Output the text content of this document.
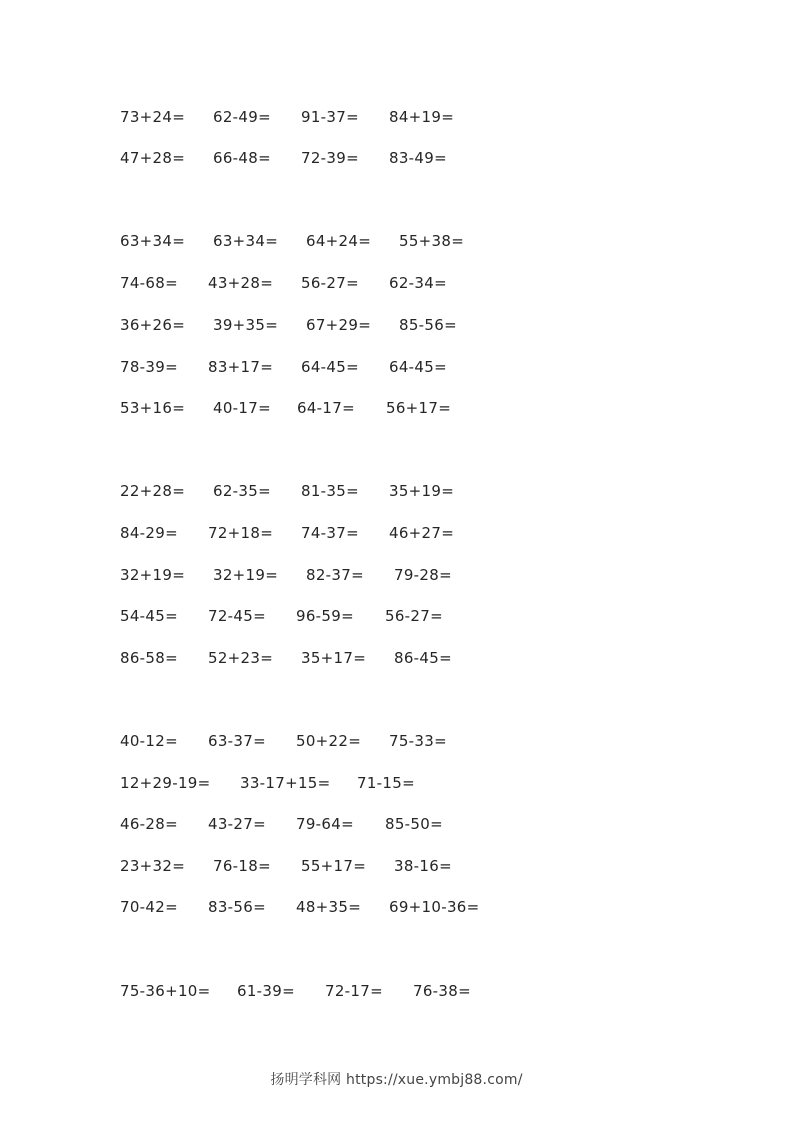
73+24= 62-49= 91-37= 84+19=
47+28= 66-48= 72-39= 83-49=
63+34= 63+34= 64+24= 55+38=
74-68= 43+28= 56-27= 62-34=
36+26= 39+35= 67+29= 85-56=
78-39= 83+17= 64-45= 64-45=
53+16= 40-17= 64-17= 56+17=
22+28= 62-35= 81-35= 35+19=
84-29= 72+18= 74-37= 46+27=
32+19= 32+19= 82-37= 79-28=
54-45= 72-45= 96-59= 56-27=
86-58= 52+23= 35+17= 86-45=
40-12= 63-37= 50+22= 75-33=
12+29-19= 33-17+15= 71-15=
46-28= 43-27= 79-64= 85-50=
23+32= 76-18= 55+17= 38-16=
70-42= 83-56= 48+35= 69+10-36=
75-36+10= 61-39= 72-17= 76-38=
扬明学科网 https://xue.ymbj88.com/
